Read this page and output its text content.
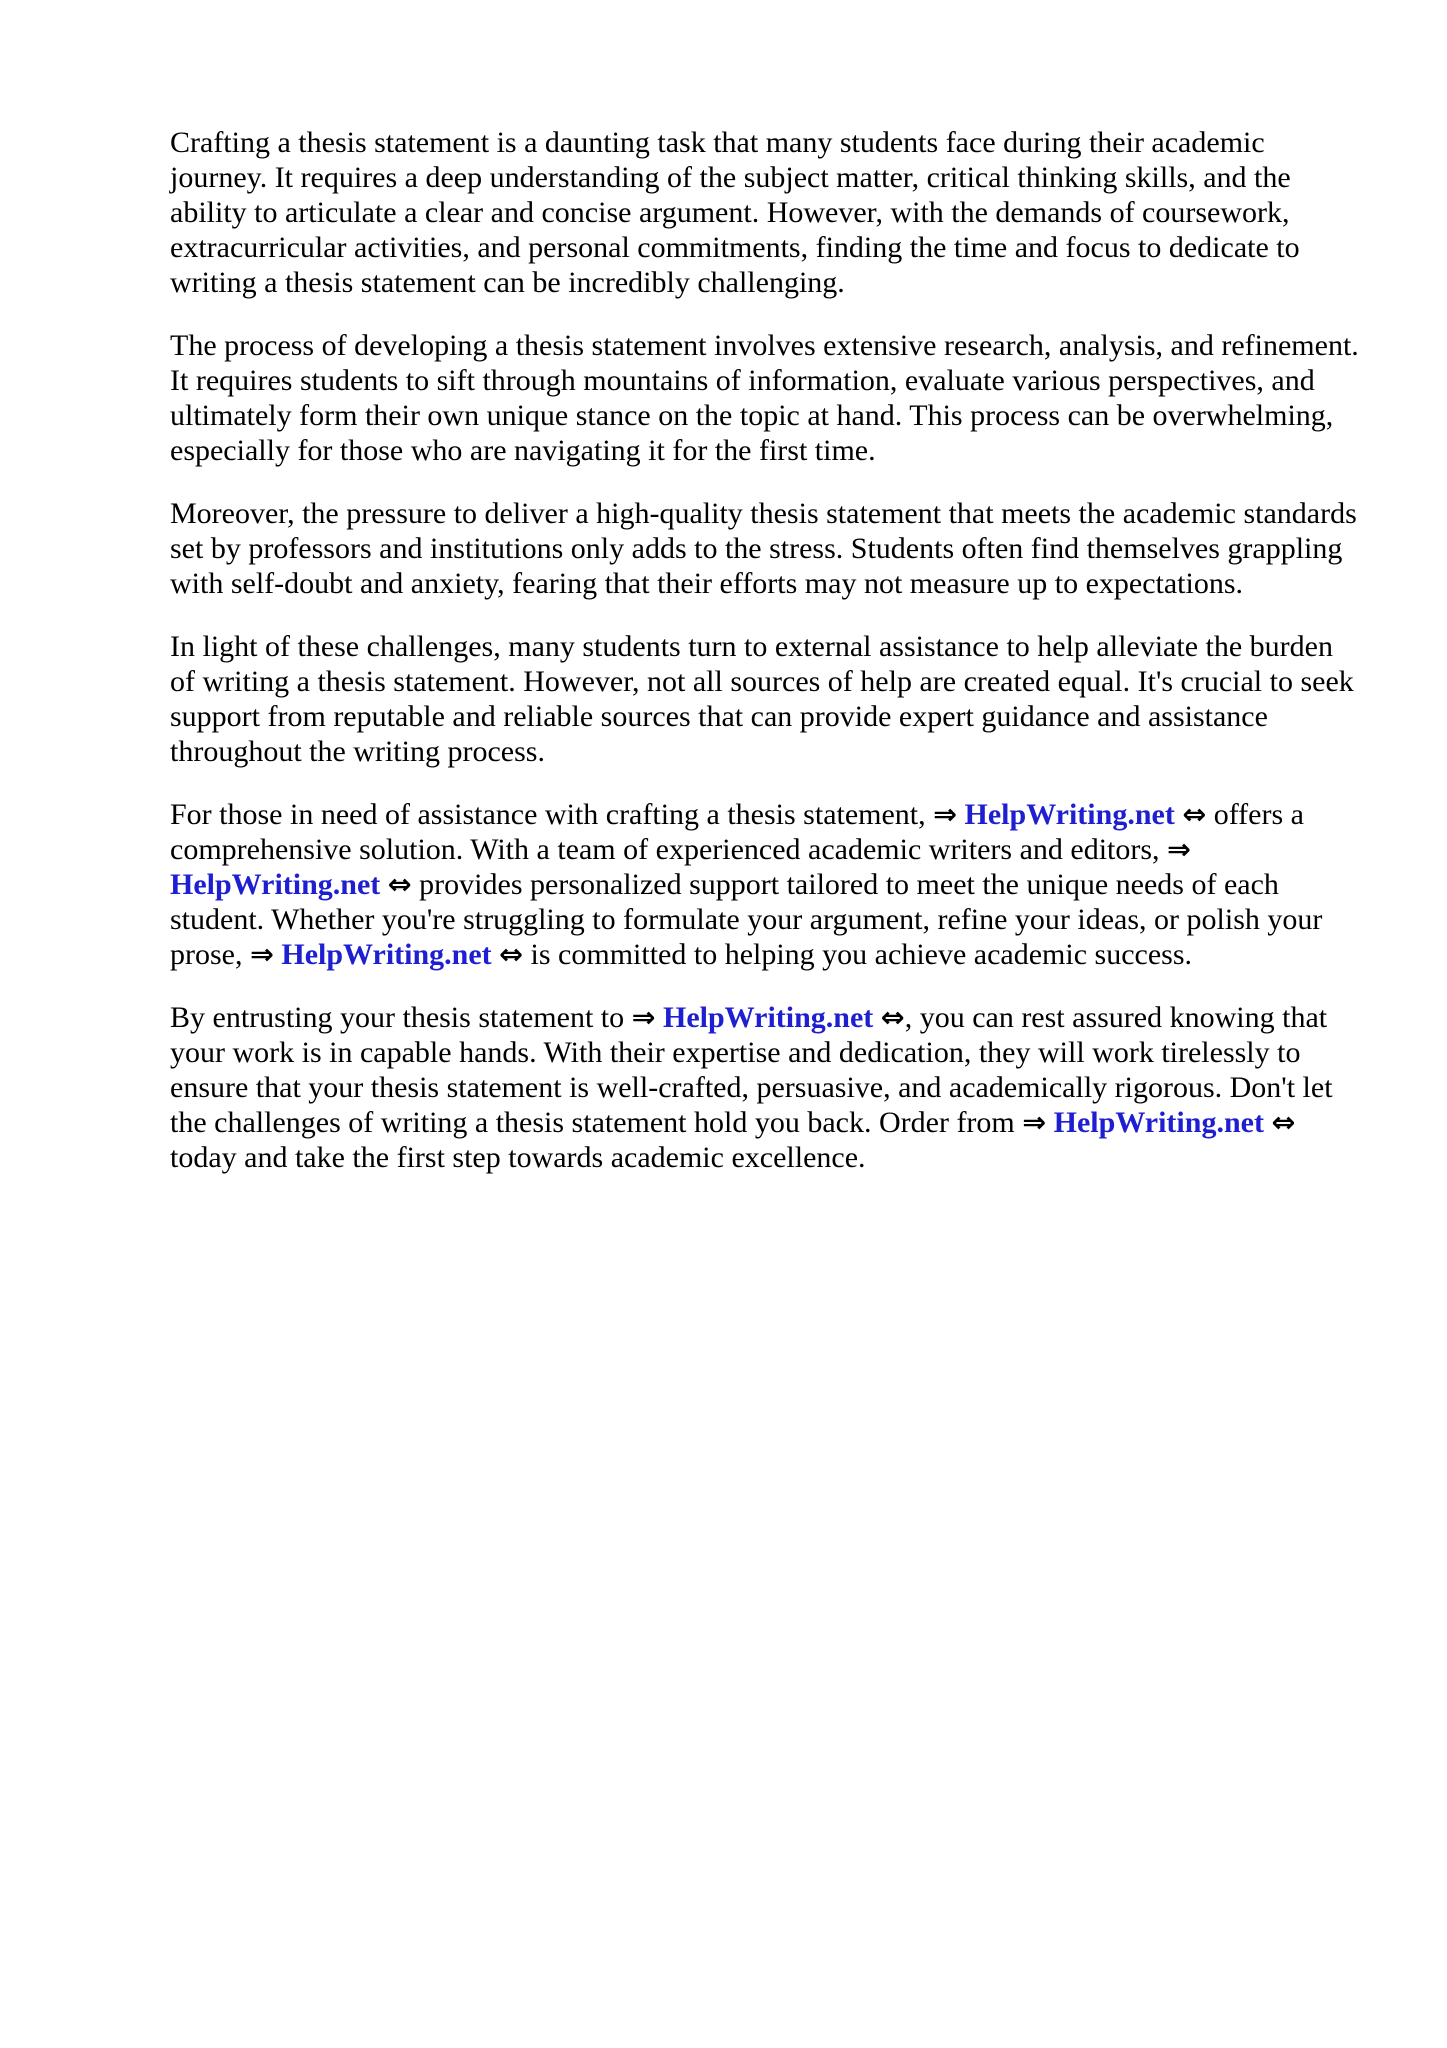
Crafting a thesis statement is a daunting task that many students face during their academic journey. It requires a deep understanding of the subject matter, critical thinking skills, and the ability to articulate a clear and concise argument. However, with the demands of coursework, extracurricular activities, and personal commitments, finding the time and focus to dedicate to writing a thesis statement can be incredibly challenging.

The process of developing a thesis statement involves extensive research, analysis, and refinement. It requires students to sift through mountains of information, evaluate various perspectives, and ultimately form their own unique stance on the topic at hand. This process can be overwhelming, especially for those who are navigating it for the first time.

Moreover, the pressure to deliver a high-quality thesis statement that meets the academic standards set by professors and institutions only adds to the stress. Students often find themselves grappling with self-doubt and anxiety, fearing that their efforts may not measure up to expectations.

In light of these challenges, many students turn to external assistance to help alleviate the burden of writing a thesis statement. However, not all sources of help are created equal. It's crucial to seek support from reputable and reliable sources that can provide expert guidance and assistance throughout the writing process.

For those in need of assistance with crafting a thesis statement, ⇒ HelpWriting.net ⇔ offers a comprehensive solution. With a team of experienced academic writers and editors, ⇒ HelpWriting.net ⇔ provides personalized support tailored to meet the unique needs of each student. Whether you're struggling to formulate your argument, refine your ideas, or polish your prose, ⇒ HelpWriting.net ⇔ is committed to helping you achieve academic success.

By entrusting your thesis statement to ⇒ HelpWriting.net ⇔, you can rest assured knowing that your work is in capable hands. With their expertise and dedication, they will work tirelessly to ensure that your thesis statement is well-crafted, persuasive, and academically rigorous. Don't let the challenges of writing a thesis statement hold you back. Order from ⇒ HelpWriting.net ⇔ today and take the first step towards academic excellence.
